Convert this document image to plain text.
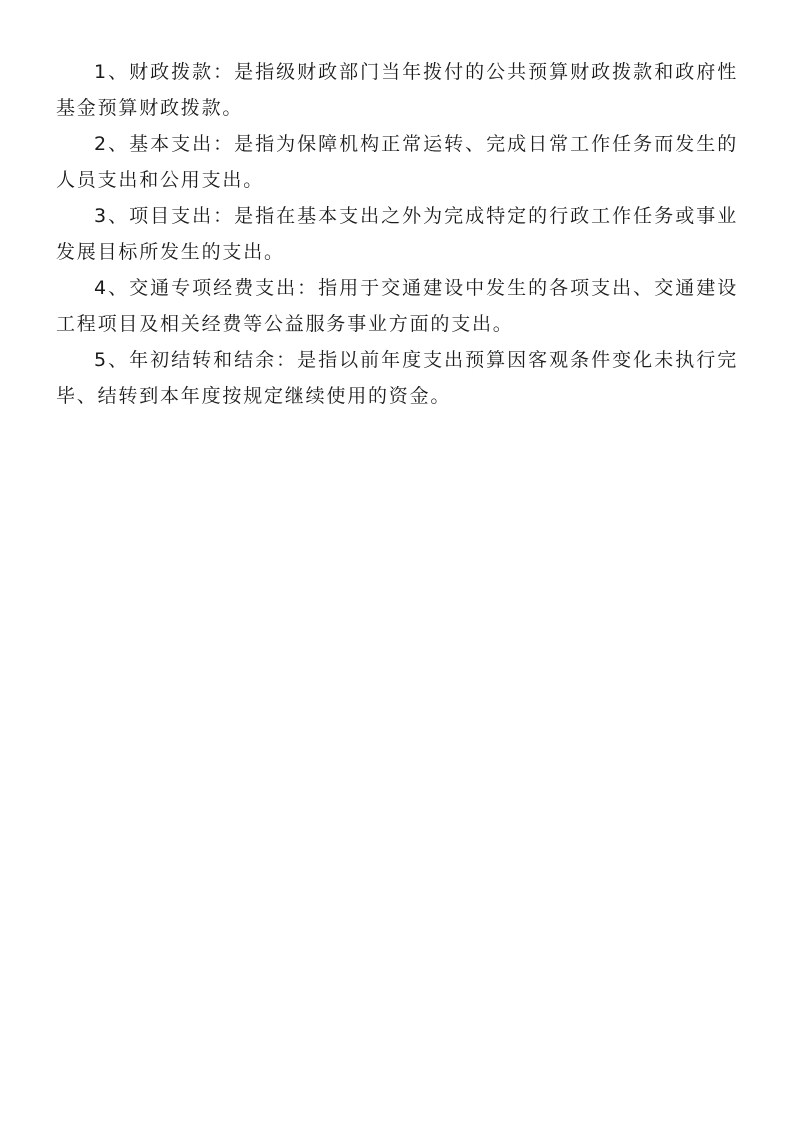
1、财政拨款：是指级财政部门当年拨付的公共预算财政拨款和政府性基金预算财政拨款。

2、基本支出：是指为保障机构正常运转、完成日常工作任务而发生的人员支出和公用支出。

3、项目支出：是指在基本支出之外为完成特定的行政工作任务或事业发展目标所发生的支出。

4、交通专项经费支出：指用于交通建设中发生的各项支出、交通建设工程项目及相关经费等公益服务事业方面的支出。

5、年初结转和结余：是指以前年度支出预算因客观条件变化未执行完毕、结转到本年度按规定继续使用的资金。
